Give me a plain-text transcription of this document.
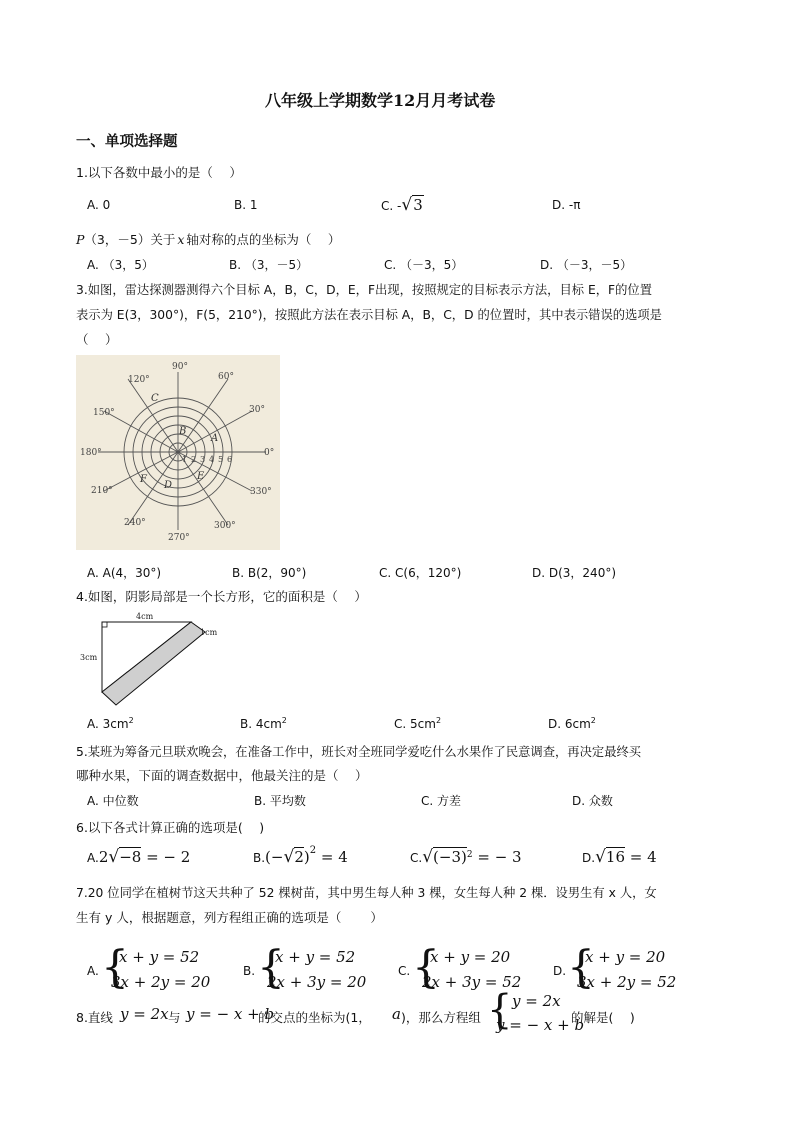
八年级上学期数学12月月考试卷
一、单项选择题
1.以下各数中最小的是（　 ）
A. 0	B. 1	C. -√3	D. -π
P（3，－5）关于 x 轴对称的点的坐标为（　 ）
A. （3，5）	B. （3，－5）	C. （－3，5）	D. （－3，－5）
3.如图，雷达探测器测得六个目标 A，B，C，D，E，F出现，按照规定的目标表示方法，目标 E，F的位置
表示为 E(3，300°)，F(5，210°)，按照此方法在表示目标 A，B，C，D 的位置时，其中表示错误的选项是
（　 ）
90°
60°
30°
0°
330°
300°
270°
240°
210°
180°
150°
120°
1 2 3 4 5 6
A
B
C
D
E
F
A. A(4，30°)	B. B(2，90°)	C. C(6，120°)	D. D(3，240°)
4.如图，阴影局部是一个长方形，它的面积是（　 ）
4cm
3cm
1cm
A. $3cm^2$	B. $4cm^2$	C. $5cm^2$	D. $6cm^2$
5.某班为筹备元旦联欢晚会，在准备工作中，班长对全班同学爱吃什么水果作了民意调查，再决定最终买
哪种水果，下面的调查数据中，他最关注的是（　 ）
A. 中位数	B. 平均数	C. 方差	D. 众数
6.以下各式计算正确的选项是(　 )
A.2√−8 = − 2	$B.(-√2)^2 = 4$	$C.√(-3)^2$ = − 3	D.√16 = 4
7.20 位同学在植树节这天共种了 52 棵树苗，其中男生每人种 3 棵，女生每人种 2 棵．设男生有 x 人，女
生有 y 人，根据题意，列方程组正确的选项是（　　 ）
A. {
x + y = 52
3x + 2y = 20
B. {
x + y = 52
2x + 3y = 20
C. {
x + y = 20
2x + 3y = 52
D. {
x + y = 20
3x + 2y = 52
8.直线 y = 2x 与 y = − x + b
的交点的坐标为(1， a )，那么方程组 { y = 2x
y = − x + b
的解是(　 )
